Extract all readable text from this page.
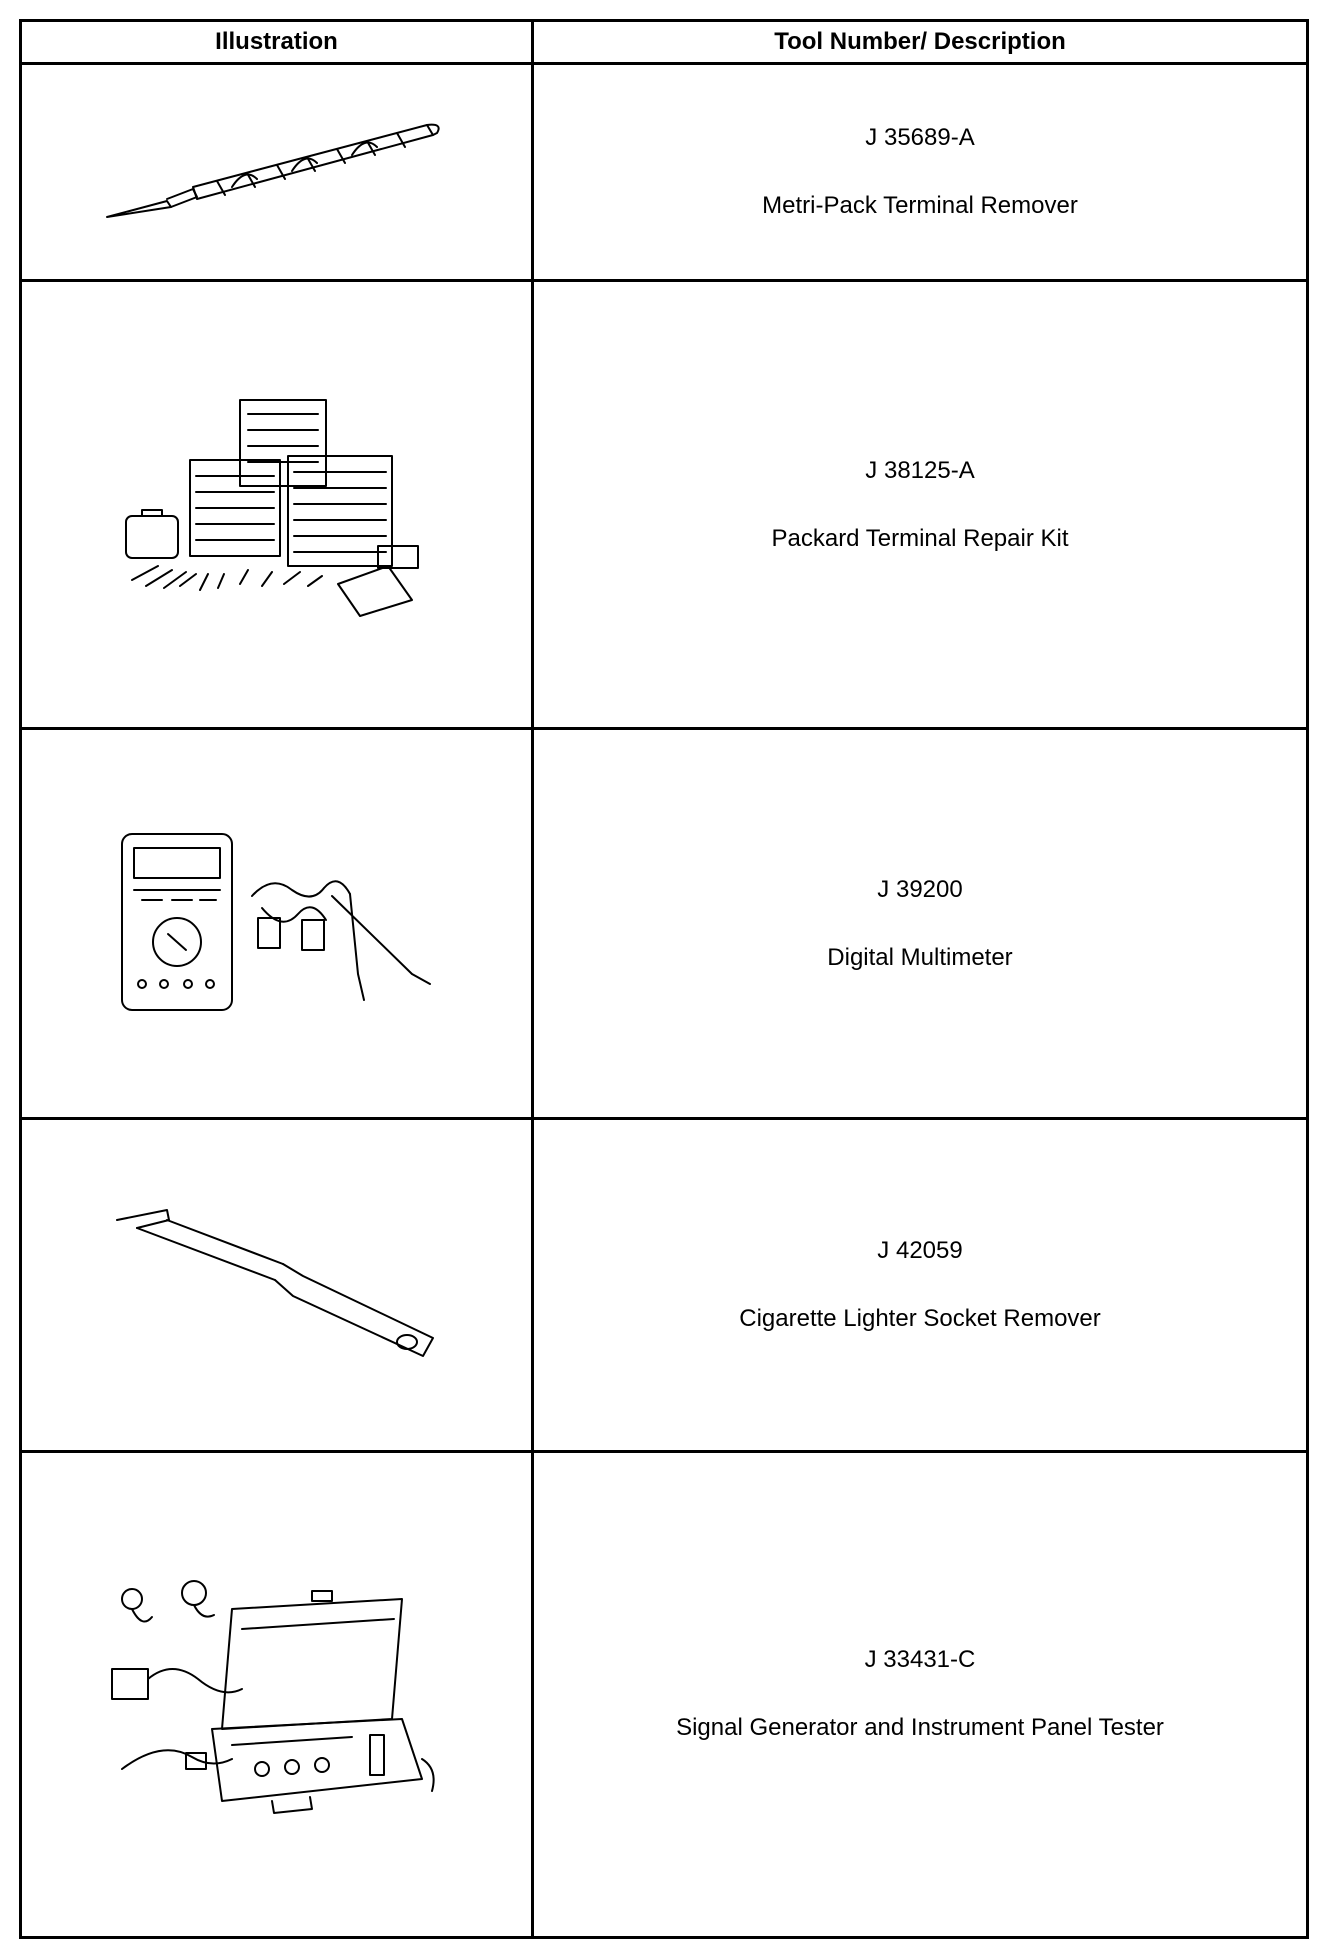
Illustration	Tool Number/ Description

J 35689-A
Metri-Pack Terminal Remover

J 38125-A
Packard Terminal Repair Kit

J 39200
Digital Multimeter

J 42059
Cigarette Lighter Socket Remover

J 33431-C
Signal Generator and Instrument Panel Tester
